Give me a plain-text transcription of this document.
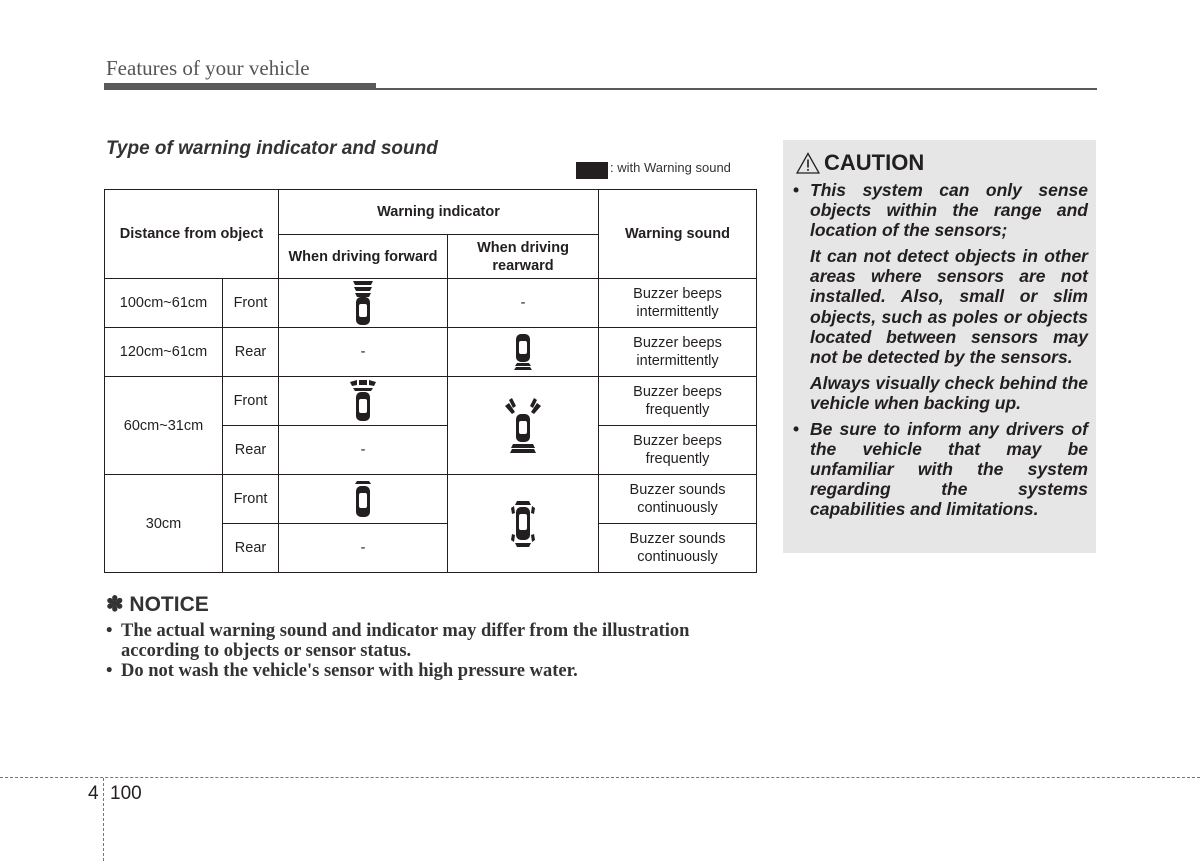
Features of your vehicle
Type of warning indicator and sound
: with Warning sound
Distance from object		Warning indicator		Warning sound
		When driving forward	When driving rearward	
100cm~61cm	Front		-	Buzzer beeps intermittently
120cm~61cm	Rear	-		Buzzer beeps intermittently
60cm~31cm	Front			Buzzer beeps frequently
	Rear	-		Buzzer beeps frequently
30cm	Front			Buzzer sounds continuously
	Rear	-		Buzzer sounds continuously
✽ NOTICE
• The actual warning sound and indicator may differ from the illustration according to objects or sensor status.
• Do not wash the vehicle's sensor with high pressure water.
CAUTION

• This system can only sense objects within the range and location of the sensors;

It can not detect objects in other areas where sensors are not installed. Also, small or slim objects, such as poles or objects located between sensors may not be detected by the sensors.

Always visually check behind the vehicle when backing up.

• Be sure to inform any drivers of the vehicle that may be unfamiliar with the system regarding the systems capabilities and limitations.

4 100
